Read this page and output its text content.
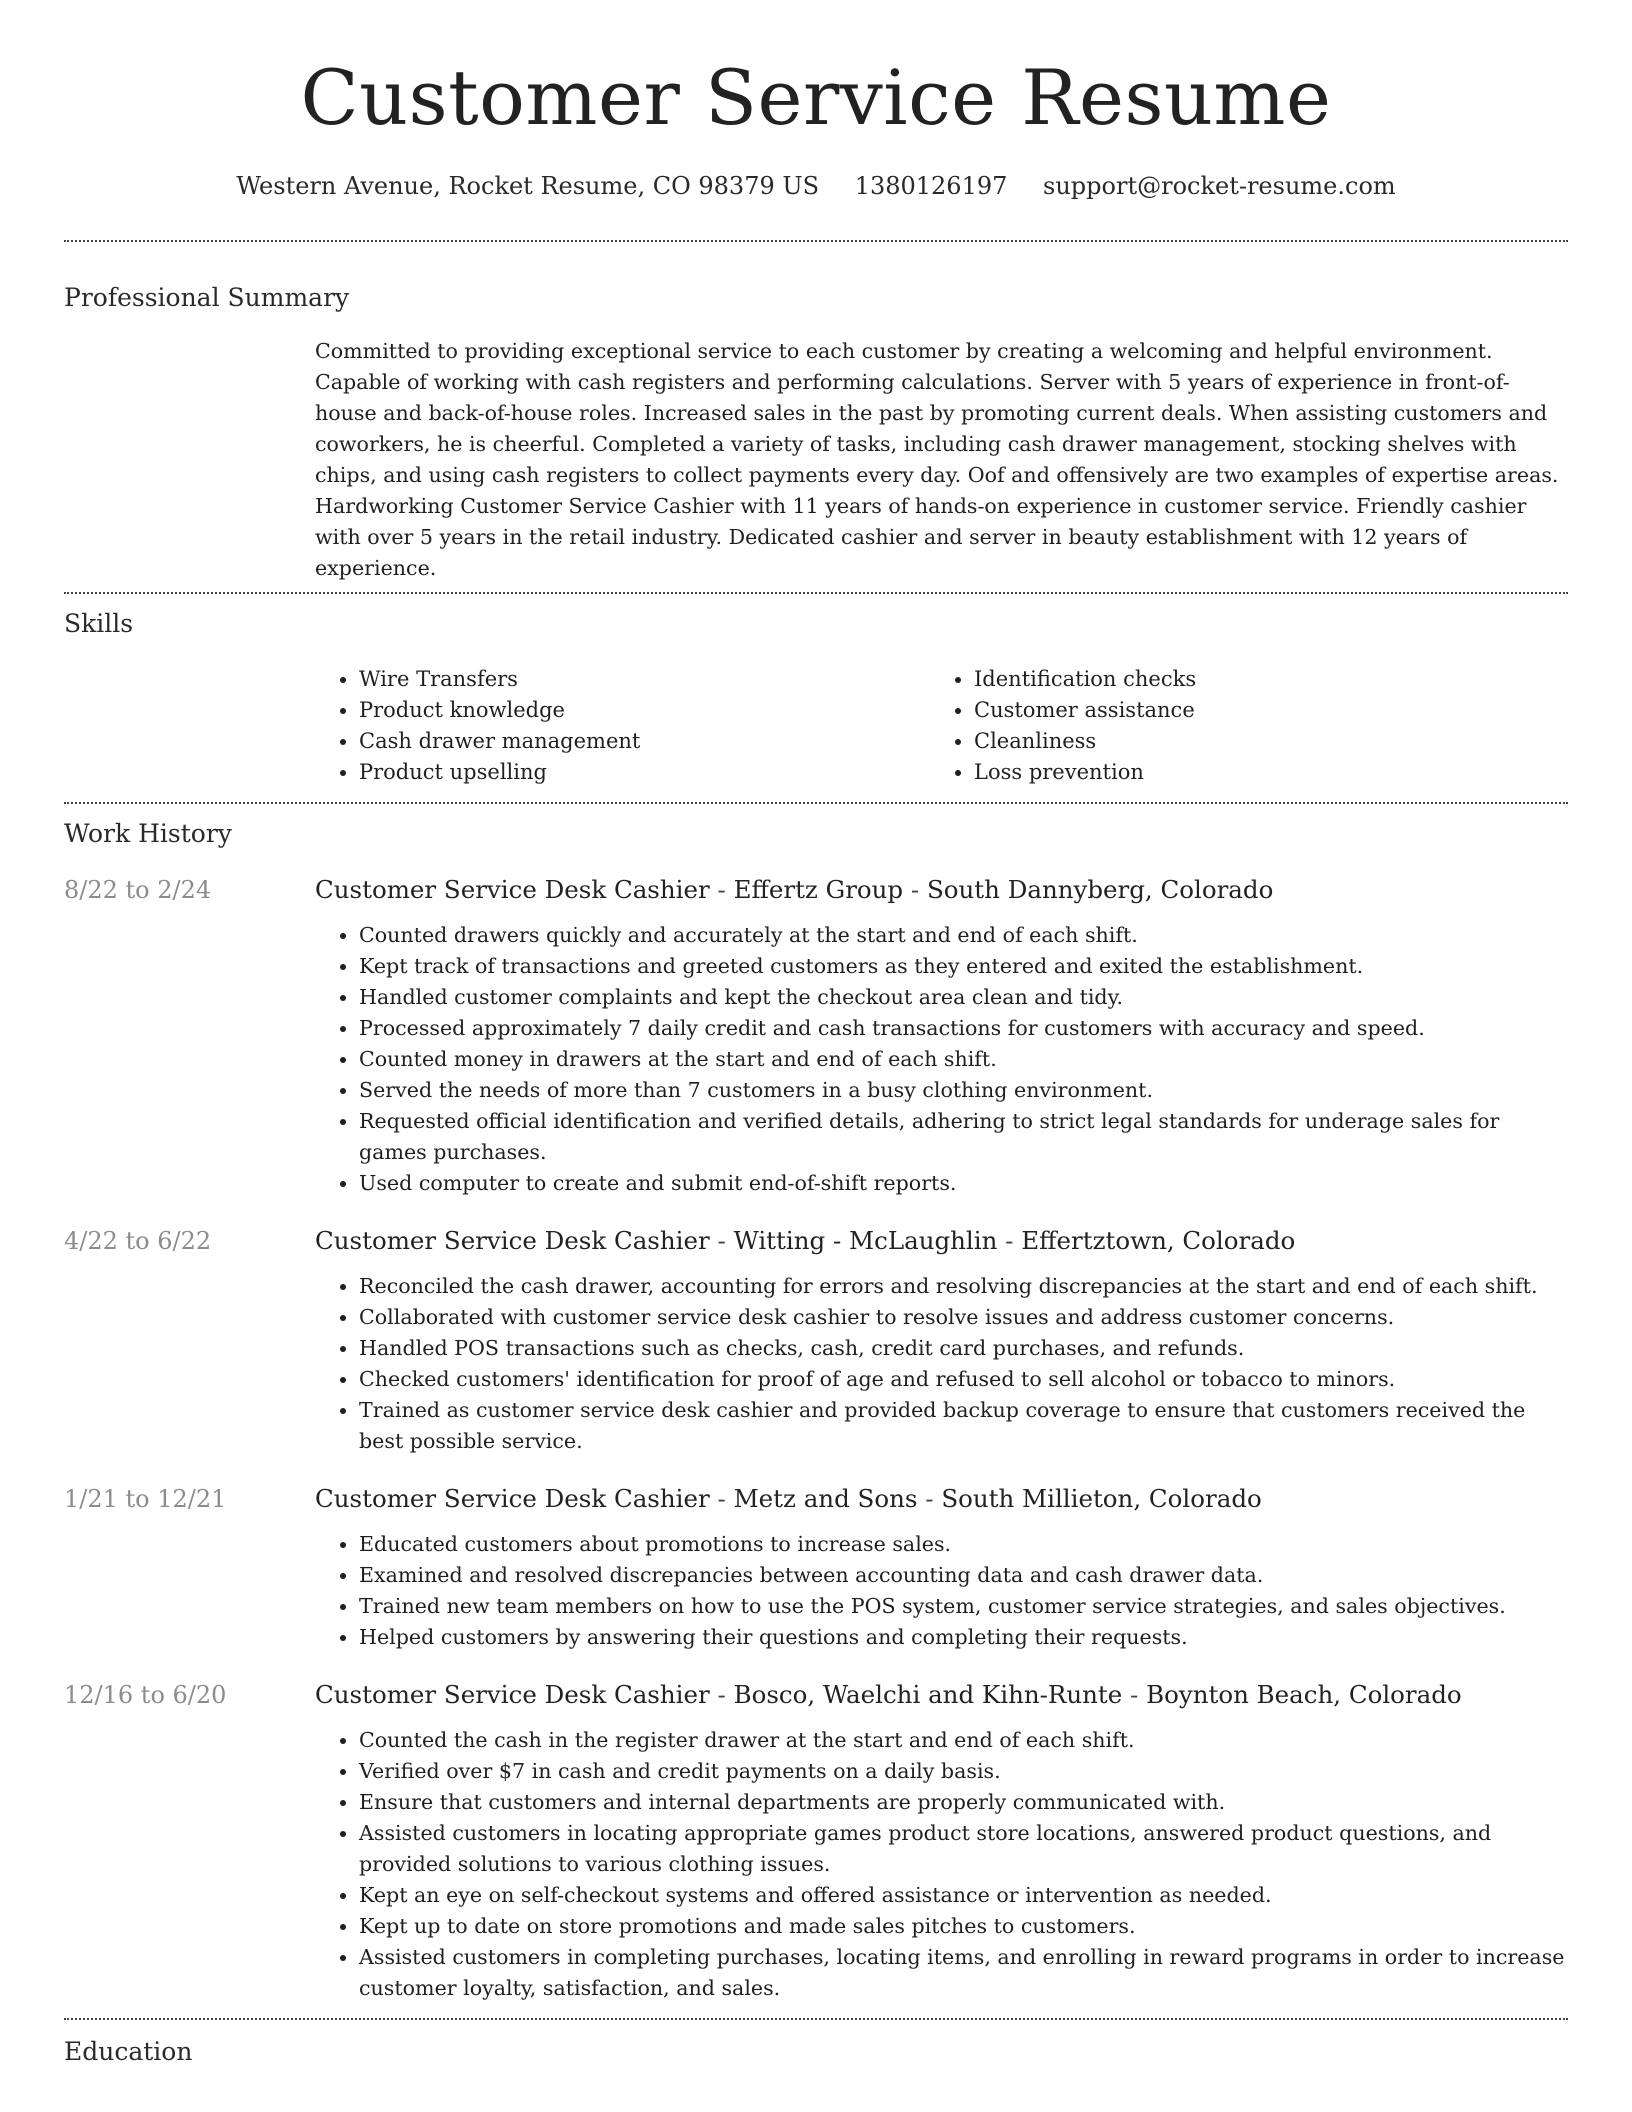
Customer Service Resume
Western Avenue, Rocket Resume, CO 98379 US 1380126197 support@rocket-resume.com
Professional Summary

Committed to providing exceptional service to each customer by creating a welcoming and helpful environment. Capable of working with cash registers and performing calculations. Server with 5 years of experience in front-of-house and back-of-house roles. Increased sales in the past by promoting current deals. When assisting customers and coworkers, he is cheerful. Completed a variety of tasks, including cash drawer management, stocking shelves with chips, and using cash registers to collect payments every day. Oof and offensively are two examples of expertise areas. Hardworking Customer Service Cashier with 11 years of hands-on experience in customer service. Friendly cashier with over 5 years in the retail industry. Dedicated cashier and server in beauty establishment with 12 years of experience.

Skills
• Wire Transfers
• Product knowledge
• Cash drawer management
• Product upselling
• Identification checks
• Customer assistance
• Cleanliness
• Loss prevention
Work History
8/22 to 2/24	Customer Service Desk Cashier - Effertz Group - South Dannyberg, Colorado
• Counted drawers quickly and accurately at the start and end of each shift.
• Kept track of transactions and greeted customers as they entered and exited the establishment.
• Handled customer complaints and kept the checkout area clean and tidy.
• Processed approximately 7 daily credit and cash transactions for customers with accuracy and speed.
• Counted money in drawers at the start and end of each shift.
• Served the needs of more than 7 customers in a busy clothing environment.
• Requested official identification and verified details, adhering to strict legal standards for underage sales for games purchases.
• Used computer to create and submit end-of-shift reports.
4/22 to 6/22	Customer Service Desk Cashier - Witting - McLaughlin - Effertztown, Colorado
• Reconciled the cash drawer, accounting for errors and resolving discrepancies at the start and end of each shift.
• Collaborated with customer service desk cashier to resolve issues and address customer concerns.
• Handled POS transactions such as checks, cash, credit card purchases, and refunds.
• Checked customers' identification for proof of age and refused to sell alcohol or tobacco to minors.
• Trained as customer service desk cashier and provided backup coverage to ensure that customers received the best possible service.
1/21 to 12/21	Customer Service Desk Cashier - Metz and Sons - South Millieton, Colorado
• Educated customers about promotions to increase sales.
• Examined and resolved discrepancies between accounting data and cash drawer data.
• Trained new team members on how to use the POS system, customer service strategies, and sales objectives.
• Helped customers by answering their questions and completing their requests.
12/16 to 6/20	Customer Service Desk Cashier - Bosco, Waelchi and Kihn-Runte - Boynton Beach, Colorado
• Counted the cash in the register drawer at the start and end of each shift.
• Verified over $7 in cash and credit payments on a daily basis.
• Ensure that customers and internal departments are properly communicated with.
• Assisted customers in locating appropriate games product store locations, answered product questions, and provided solutions to various clothing issues.
• Kept an eye on self-checkout systems and offered assistance or intervention as needed.
• Kept up to date on store promotions and made sales pitches to customers.
• Assisted customers in completing purchases, locating items, and enrolling in reward programs in order to increase customer loyalty, satisfaction, and sales.
Education
